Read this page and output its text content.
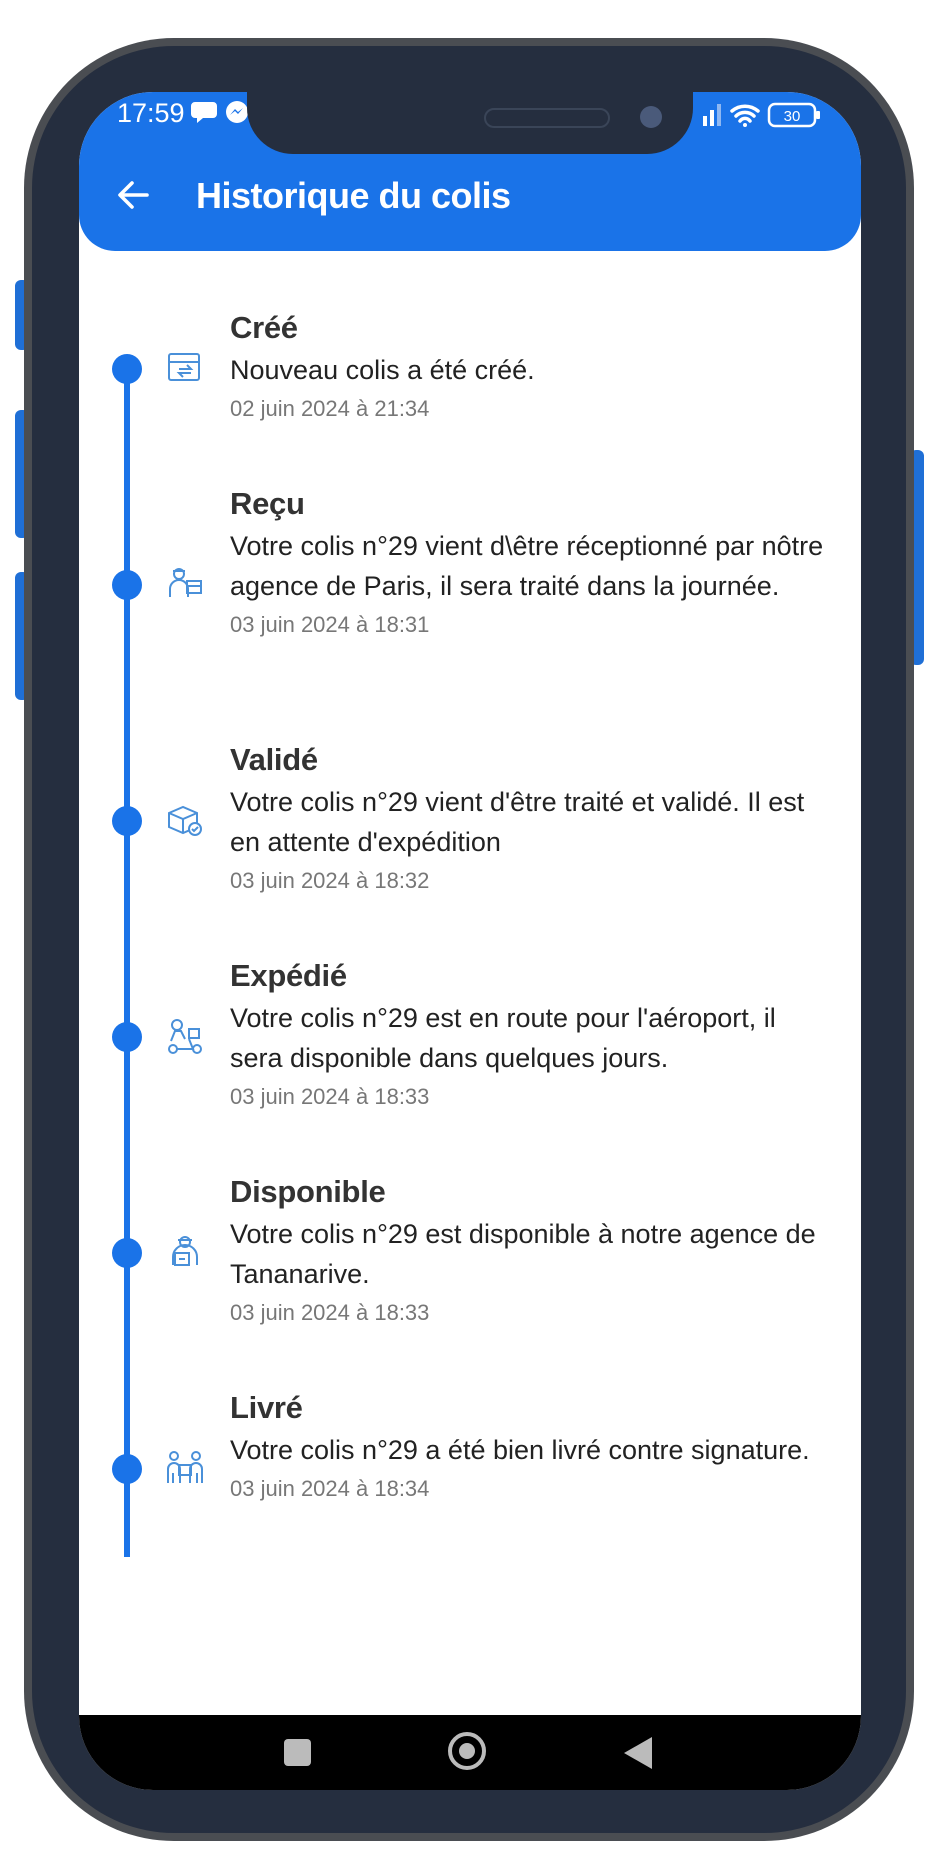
17:59	30
Historique du colis
Créé
Nouveau colis a été créé.
02 juin 2024 à 21:34
Reçu
Votre colis n°29 vient d\être réceptionné par nôtre agence de Paris, il sera traité dans la journée.
03 juin 2024 à 18:31
Validé
Votre colis n°29 vient d'être traité et validé. Il est en attente d'expédition
03 juin 2024 à 18:32
Expédié
Votre colis n°29 est en route pour l'aéroport, il sera disponible dans quelques jours.
03 juin 2024 à 18:33
Disponible
Votre colis n°29 est disponible à notre agence de Tananarive.
03 juin 2024 à 18:33
Livré
Votre colis n°29 a été bien livré contre signature.
03 juin 2024 à 18:34
